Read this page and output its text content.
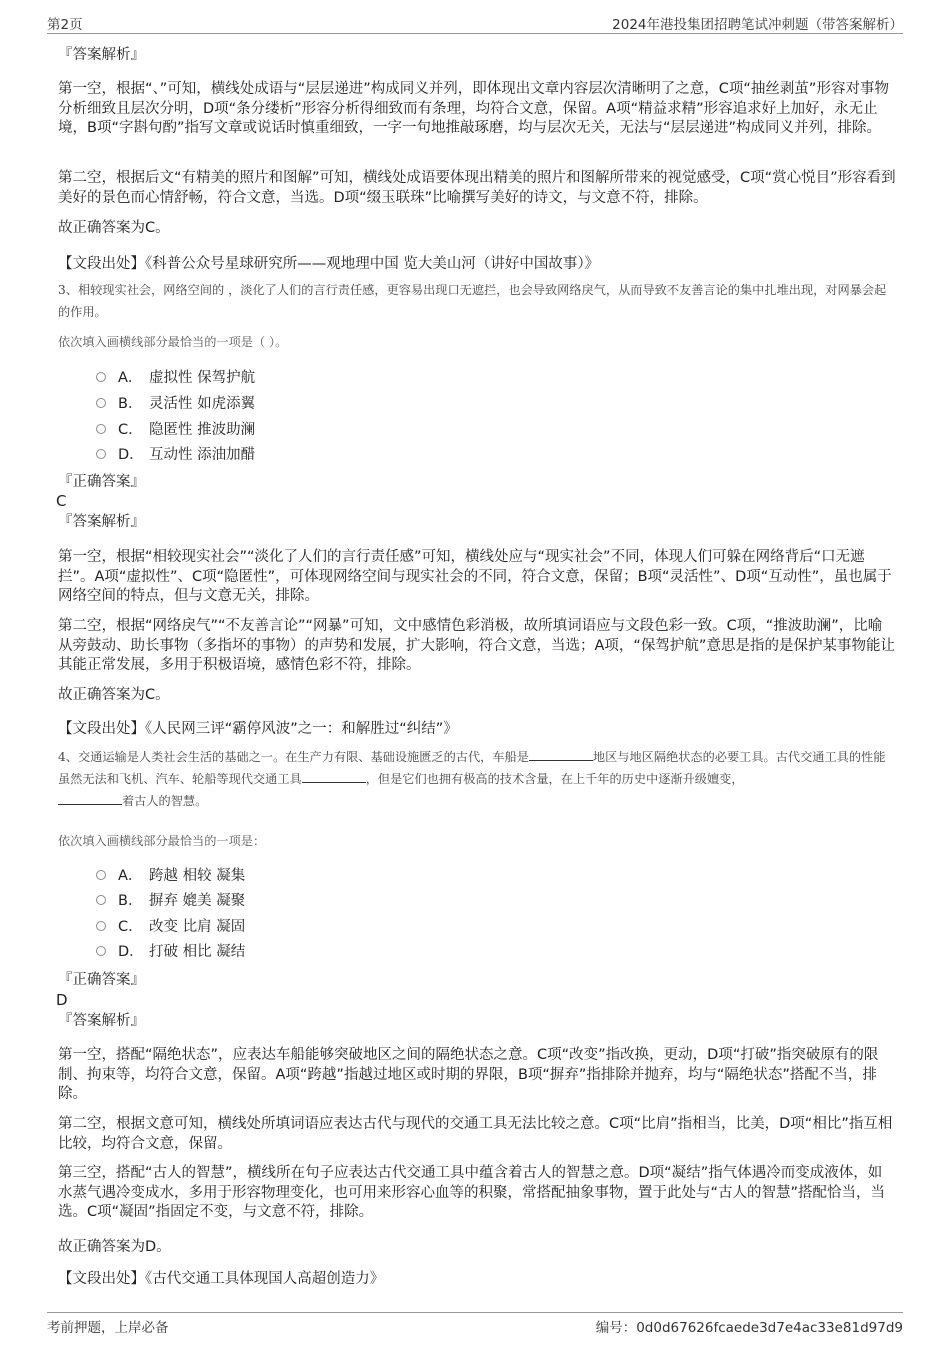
第2页	2024年港投集团招聘笔试冲刺题（带答案解析）
『答案解析』
第一空，根据“、”可知，横线处成语与“层层递进”构成同义并列，即体现出文章内容层次清晰明了之意，C项“抽丝剥茧”形容对事物分析细致且层次分明，D项“条分缕析”形容分析得细致而有条理，均符合文意，保留。A项“精益求精”形容追求好上加好，永无止境，B项“字斟句酌”指写文章或说话时慎重细致，一字一句地推敲琢磨，均与层次无关，无法与“层层递进”构成同义并列，排除。
第二空，根据后文“有精美的照片和图解”可知，横线处成语要体现出精美的照片和图解所带来的视觉感受，C项“赏心悦目”形容看到美好的景色而心情舒畅，符合文意，当选。D项“缀玉联珠”比喻撰写美好的诗文，与文意不符，排除。
故正确答案为C。
【文段出处】《科普公众号星球研究所——观地理中国 览大美山河（讲好中国故事）》
3、相较现实社会，网络空间的 ，淡化了人们的言行责任感，更容易出现口无遮拦，也会导致网络戾气，从而导致不友善言论的集中扎堆出现，对网暴会起 的作用。
依次填入画横线部分最恰当的一项是（ ）。
A． 虚拟性 保驾护航
B． 灵活性 如虎添翼
C． 隐匿性 推波助澜
D． 互动性 添油加醋
『正确答案』
C
『答案解析』
第一空，根据“相较现实社会”“淡化了人们的言行责任感”可知，横线处应与“现实社会”不同，体现人们可躲在网络背后“口无遮拦”。A项“虚拟性”、C项“隐匿性”，可体现网络空间与现实社会的不同，符合文意，保留；B项“灵活性”、D项“互动性”，虽也属于网络空间的特点，但与文意无关，排除。
第二空，根据“网络戾气”“不友善言论”“网暴”可知，文中感情色彩消极，故所填词语应与文段色彩一致。C项，“推波助澜”，比喻从旁鼓动、助长事物（多指坏的事物）的声势和发展，扩大影响，符合文意，当选；A项，“保驾护航”意思是指的是保护某事物能让其能正常发展，多用于积极语境，感情色彩不符，排除。
故正确答案为C。
【文段出处】《人民网三评“霸停风波”之一：和解胜过“纠结”》
4、交通运输是人类社会生活的基础之一。在生产力有限、基础设施匮乏的古代，车船是	地区与地区隔绝状态的必要工具。古代交通工具的性能虽然无法和飞机、汽车、轮船等现代交通工具	，但是它们也拥有极高的技术含量，在上千年的历史中逐渐升级嬗变，
着古人的智慧。
依次填入画横线部分最恰当的一项是：
A． 跨越 相较 凝集
B． 摒弃 媲美 凝聚
C． 改变 比肩 凝固
D． 打破 相比 凝结
『正确答案』
D
『答案解析』
第一空，搭配“隔绝状态”，应表达车船能够突破地区之间的隔绝状态之意。C项“改变”指改换，更动，D项“打破”指突破原有的限制、拘束等，均符合文意，保留。A项“跨越”指越过地区或时期的界限，B项“摒弃”指排除并抛弃，均与“隔绝状态”搭配不当，排除。
第二空，根据文意可知，横线处所填词语应表达古代与现代的交通工具无法比较之意。C项“比肩”指相当，比美，D项“相比”指互相比较，均符合文意，保留。
第三空，搭配“古人的智慧”，横线所在句子应表达古代交通工具中蕴含着古人的智慧之意。D项“凝结”指气体遇冷而变成液体，如水蒸气遇冷变成水，多用于形容物理变化，也可用来形容心血等的积聚，常搭配抽象事物，置于此处与“古人的智慧”搭配恰当，当选。C项“凝固”指固定不变，与文意不符，排除。
故正确答案为D。
【文段出处】《古代交通工具体现国人高超创造力》
考前押题，上岸必备	编号：0d0d67626fcaede3d7e4ac33e81d97d9
